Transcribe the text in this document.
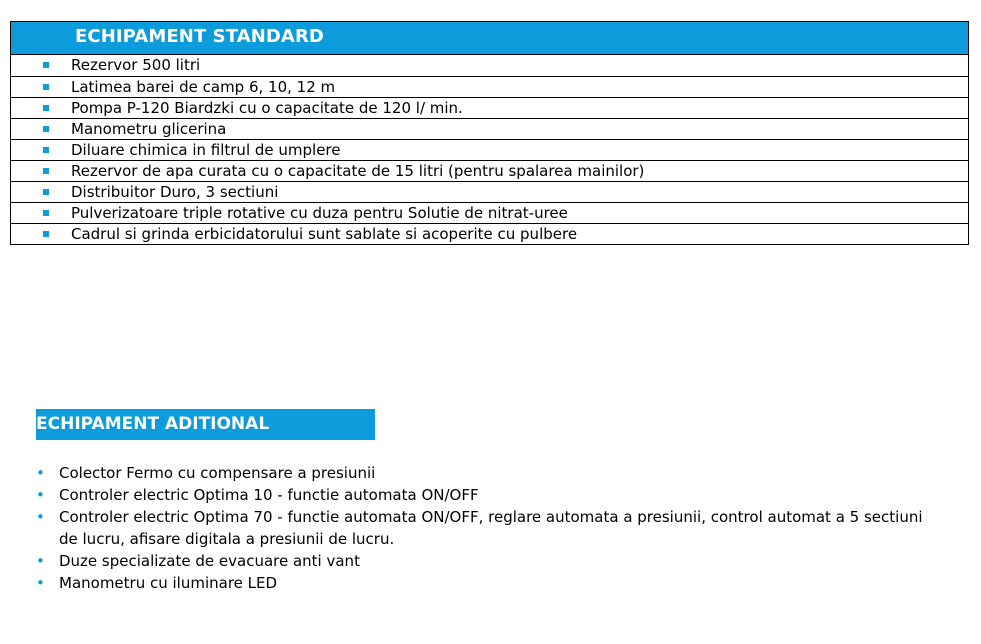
ECHIPAMENT STANDARD
Rezervor 500 litri
Latimea barei de camp 6, 10, 12 m
Pompa P-120 Biardzki cu o capacitate de 120 l/ min.
Manometru glicerina
Diluare chimica in filtrul de umplere
Rezervor de apa curata cu o capacitate de 15 litri (pentru spalarea mainilor)
Distribuitor Duro, 3 sectiuni
Pulverizatoare triple rotative cu duza pentru Solutie de nitrat-uree
Cadrul si grinda erbicidatorului sunt sablate si acoperite cu pulbere
ECHIPAMENT ADITIONAL
• Colector Fermo cu compensare a presiunii
• Controler electric Optima 10 - functie automata ON/OFF
• Controler electric Optima 70 - functie automata ON/OFF, reglare automata a presiunii, control automat a 5 sectiuni de lucru, afisare digitala a presiunii de lucru.
• Duze specializate de evacuare anti vant
• Manometru cu iluminare LED
